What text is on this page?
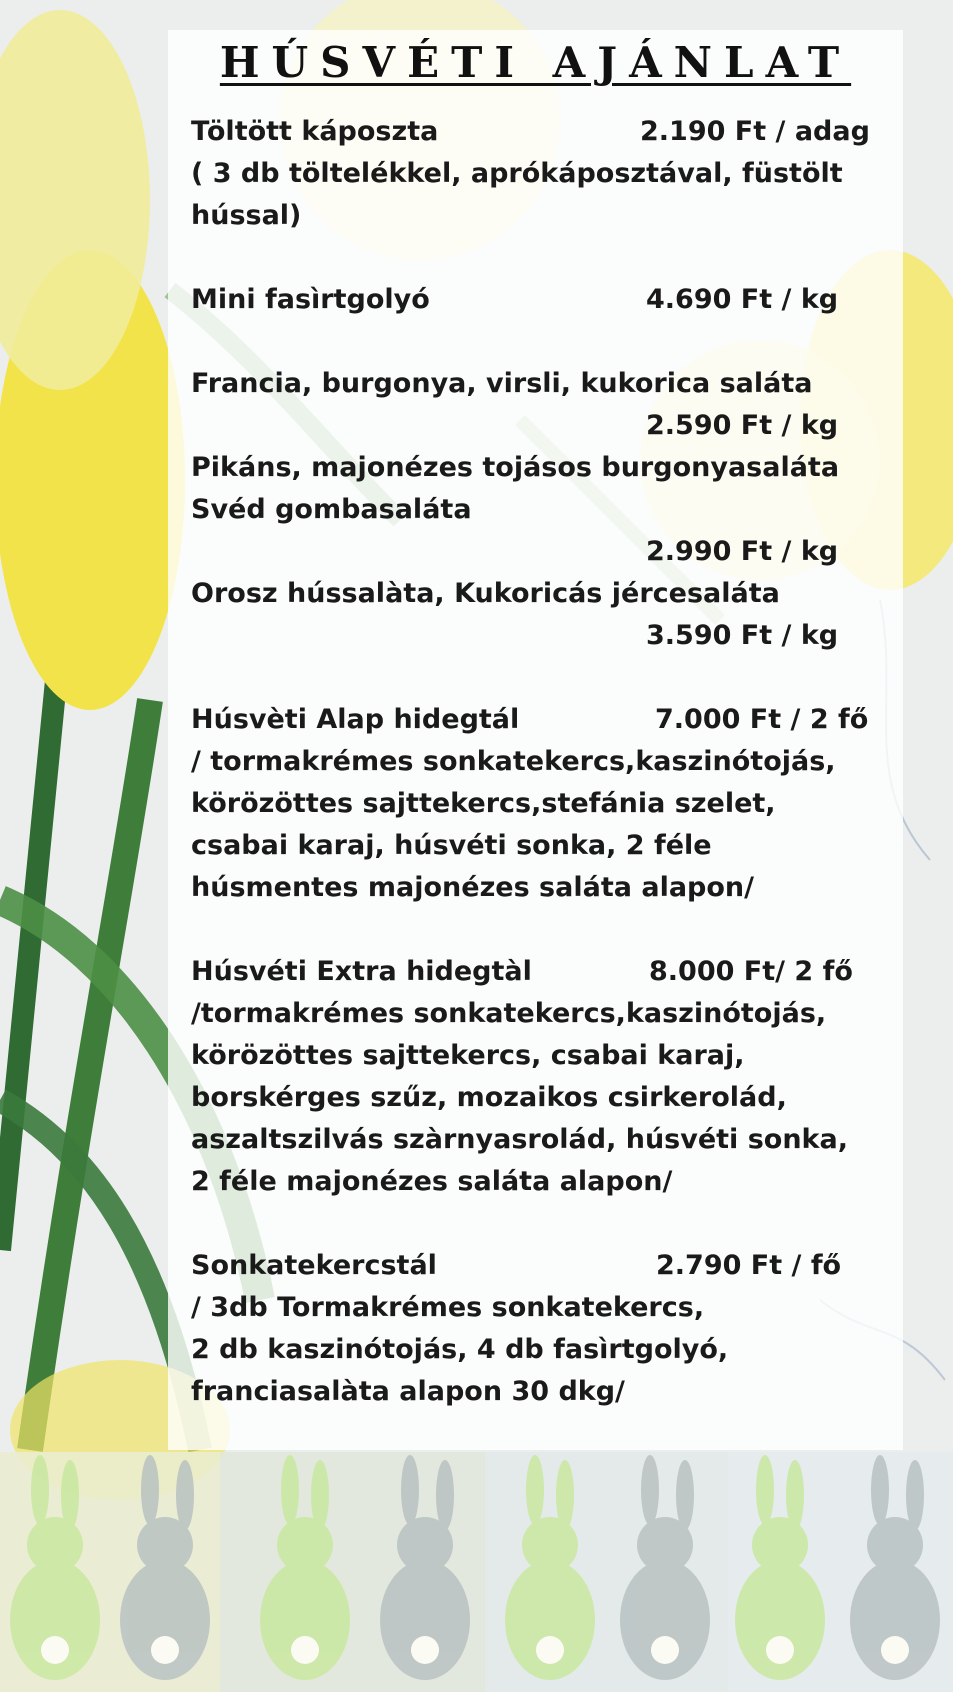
HÚSVÉTI AJÁNLAT
Töltött káposzta	2.190 Ft / adag
( 3 db töltelékkel, aprókáposztával, füstölt
hússal)
Mini fasìrtgolyó	4.690 Ft / kg
Francia, burgonya, virsli, kukorica saláta
2.590 Ft / kg
Pikáns, majonézes tojásos burgonyasaláta
Svéd gombasaláta
2.990 Ft / kg
Orosz hússalàta, Kukoricás jércesaláta
3.590 Ft / kg
Húsvèti Alap hidegtál	7.000 Ft / 2 fő
/ tormakrémes sonkatekercs,kaszinótojás,
körözöttes sajttekercs,stefánia szelet,
csabai karaj, húsvéti sonka, 2 féle
húsmentes majonézes saláta alapon/
Húsvéti Extra hidegtàl	8.000 Ft/ 2 fő
/tormakrémes sonkatekercs,kaszinótojás,
körözöttes sajttekercs, csabai karaj,
borskérges szűz, mozaikos csirkerolád,
aszaltszilvás szàrnyasrolád, húsvéti sonka,
2 féle majonézes saláta alapon/
Sonkatekercstál	2.790 Ft / fő
/ 3db Tormakrémes sonkatekercs,
2 db kaszinótojás, 4 db fasìrtgolyó,
franciasalàta alapon 30 dkg/
